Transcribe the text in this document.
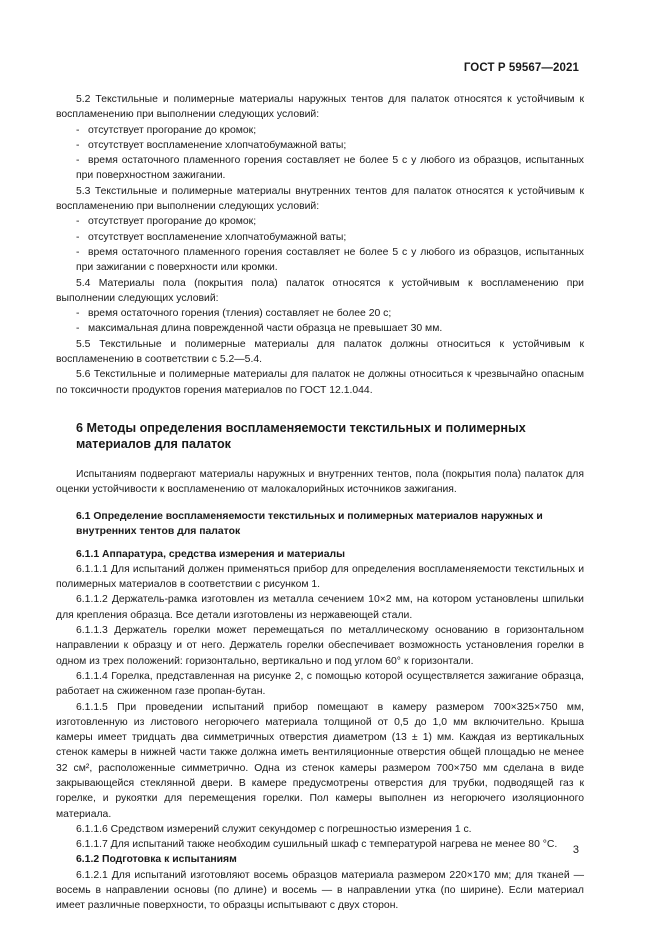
ГОСТ Р 59567—2021

5.2 Текстильные и полимерные материалы наружных тентов для палаток относятся к устойчивым к воспламенению при выполнении следующих условий:

- отсутствует прогорание до кромок;
- отсутствует воспламенение хлопчатобумажной ваты;
- время остаточного пламенного горения составляет не более 5 с у любого из образцов, испытанных при поверхностном зажигании.

5.3 Текстильные и полимерные материалы внутренних тентов для палаток относятся к устойчивым к воспламенению при выполнении следующих условий:

- отсутствует прогорание до кромок;
- отсутствует воспламенение хлопчатобумажной ваты;
- время остаточного пламенного горения составляет не более 5 с у любого из образцов, испытанных при зажигании с поверхности или кромки.

5.4 Материалы пола (покрытия пола) палаток относятся к устойчивым к воспламенению при выполнении следующих условий:

- время остаточного горения (тления) составляет не более 20 с;
- максимальная длина поврежденной части образца не превышает 30 мм.

5.5 Текстильные и полимерные материалы для палаток должны относиться к устойчивым к воспламенению в соответствии с 5.2—5.4.

5.6 Текстильные и полимерные материалы для палаток не должны относиться к чрезвычайно опасным по токсичности продуктов горения материалов по ГОСТ 12.1.044.

6 Методы определения воспламеняемости текстильных и полимерных материалов для палаток

Испытаниям подвергают материалы наружных и внутренних тентов, пола (покрытия пола) палаток для оценки устойчивости к воспламенению от малокалорийных источников зажигания.

6.1 Определение воспламеняемости текстильных и полимерных материалов наружных и внутренних тентов для палаток
6.1.1 Аппаратура, средства измерения и материалы

6.1.1.1 Для испытаний должен применяться прибор для определения воспламеняемости текстильных и полимерных материалов в соответствии с рисунком 1.

6.1.1.2 Держатель-рамка изготовлен из металла сечением 10×2 мм, на котором установлены шпильки для крепления образца. Все детали изготовлены из нержавеющей стали.

6.1.1.3 Держатель горелки может перемещаться по металлическому основанию в горизонтальном направлении к образцу и от него. Держатель горелки обеспечивает возможность установления горелки в одном из трех положений: горизонтально, вертикально и под углом 60° к горизонтали.

6.1.1.4 Горелка, представленная на рисунке 2, с помощью которой осуществляется зажигание образца, работает на сжиженном газе пропан-бутан.

6.1.1.5 При проведении испытаний прибор помещают в камеру размером 700×325×750 мм, изготовленную из листового негорючего материала толщиной от 0,5 до 1,0 мм включительно. Крыша камеры имеет тридцать два симметричных отверстия диаметром (13 ± 1) мм. Каждая из вертикальных стенок камеры в нижней части также должна иметь вентиляционные отверстия общей площадью не менее 32 см², расположенные симметрично. Одна из стенок камеры размером 700×750 мм сделана в виде закрывающейся стеклянной двери. В камере предусмотрены отверстия для трубки, подводящей газ к горелке, и рукоятки для перемещения горелки. Пол камеры выполнен из негорючего изоляционного материала.

6.1.1.6 Средством измерений служит секундомер с погрешностью измерения 1 с.

6.1.1.7 Для испытаний также необходим сушильный шкаф с температурой нагрева не менее 80 °С.

6.1.2 Подготовка к испытаниям

6.1.2.1 Для испытаний изготовляют восемь образцов материала размером 220×170 мм; для тканей — восемь в направлении основы (по длине) и восемь — в направлении утка (по ширине). Если материал имеет различные поверхности, то образцы испытывают с двух сторон.

3
